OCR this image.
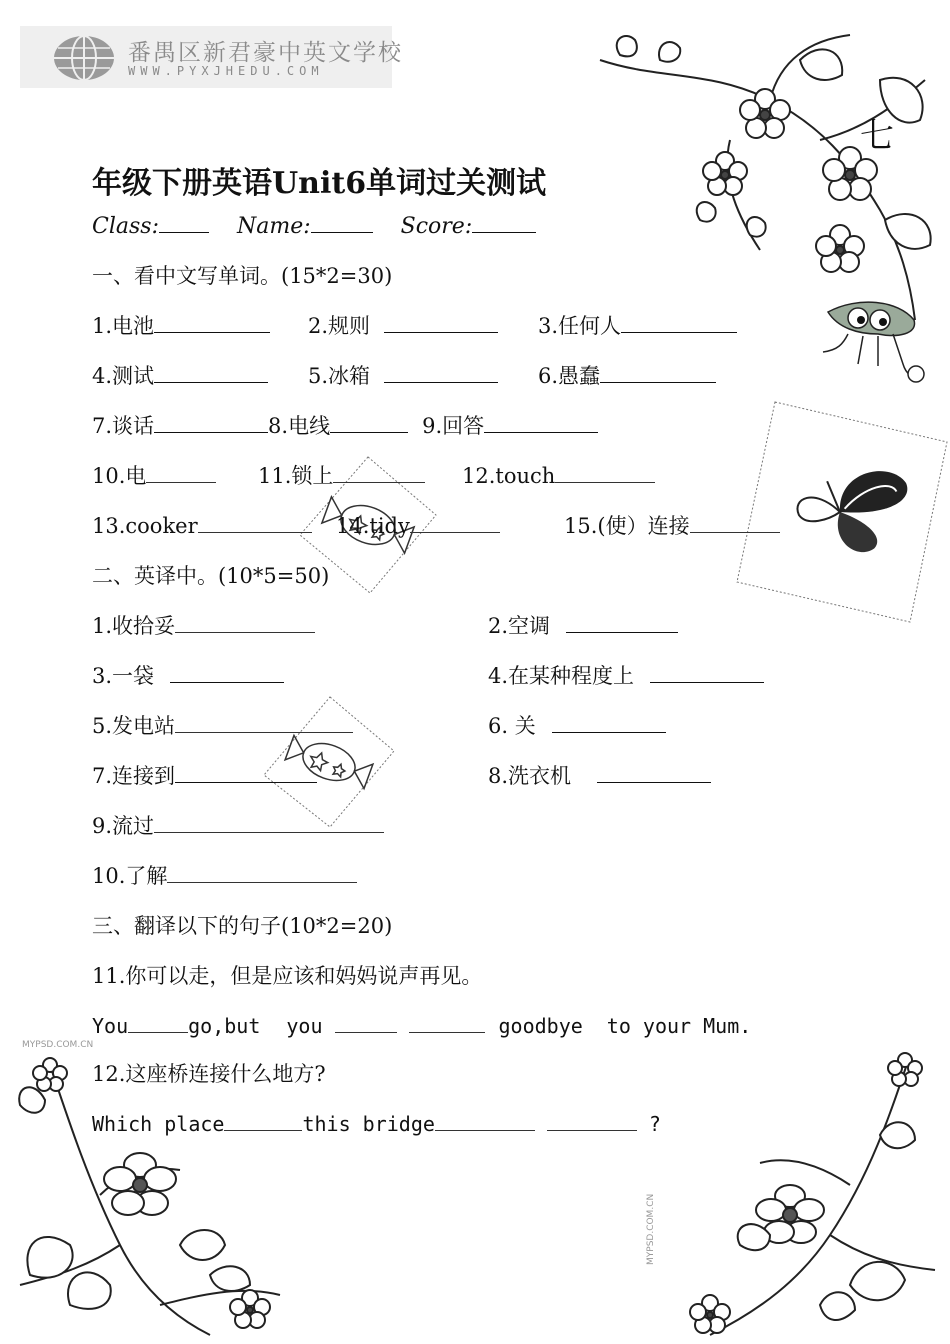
番禺区新君豪中英文学校
WWW.PYXJHEDU.COM
MYPSD.COM.CN
MYPSD.COM.CN
七
年级下册英语Unit6单词过关测试
Class:	Name:	Score:
一、看中文写单词。(15*2=30)
1.电池	2.规则	3.任何人
4.测试	5.冰箱	6.愚蠢
7.谈话	8.电线	9.回答
10.电	11.锁上	12.touch
13.cooker	14.tidy	15.(使）连接
二、英译中。(10*5=50)
1.收拾妥	2.空调
3.一袋	4.在某种程度上
5.发电站	6. 关
7.连接到	8.洗衣机
9.流过
10.了解
三、翻译以下的句子(10*2=20)
11.你可以走，但是应该和妈妈说声再见。
You	go,but you	goodbye to your Mum.
12.这座桥连接什么地方?
Which place	this bridge	?
